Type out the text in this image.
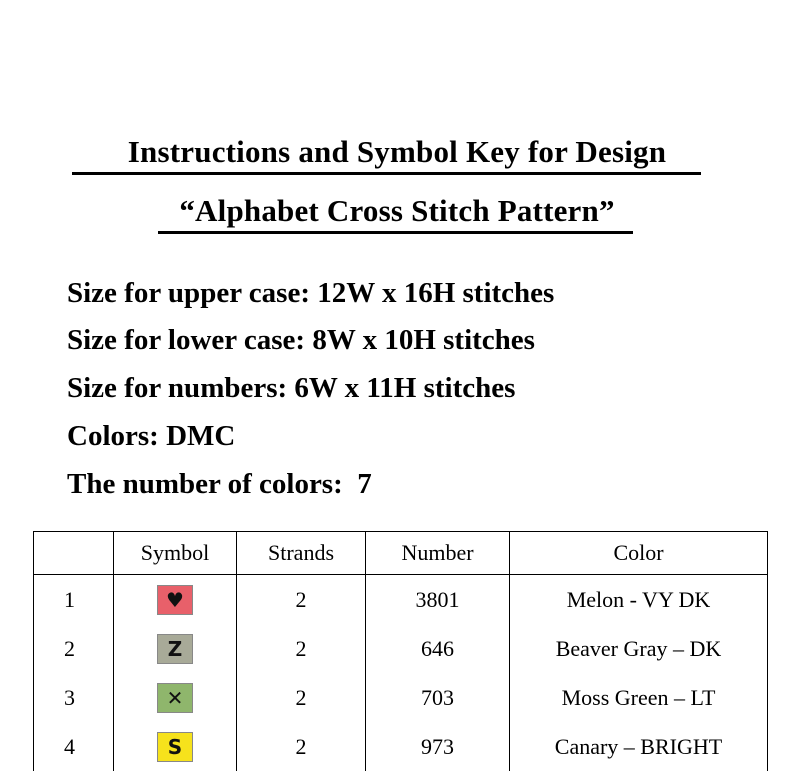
Instructions and Symbol Key for Design
“Alphabet Cross Stitch Pattern”
Size for upper case: 12W x 16H stitches
Size for lower case: 8W x 10H stitches
Size for numbers: 6W x 11H stitches
Colors: DMC
The number of colors:  7
	Symbol	Strands	Number	Color
1	♥	2	3801	Melon - VY DK
2	Z	2	646	Beaver Gray – DK
3	✕	2	703	Moss Green – LT
4	S	2	973	Canary – BRIGHT
